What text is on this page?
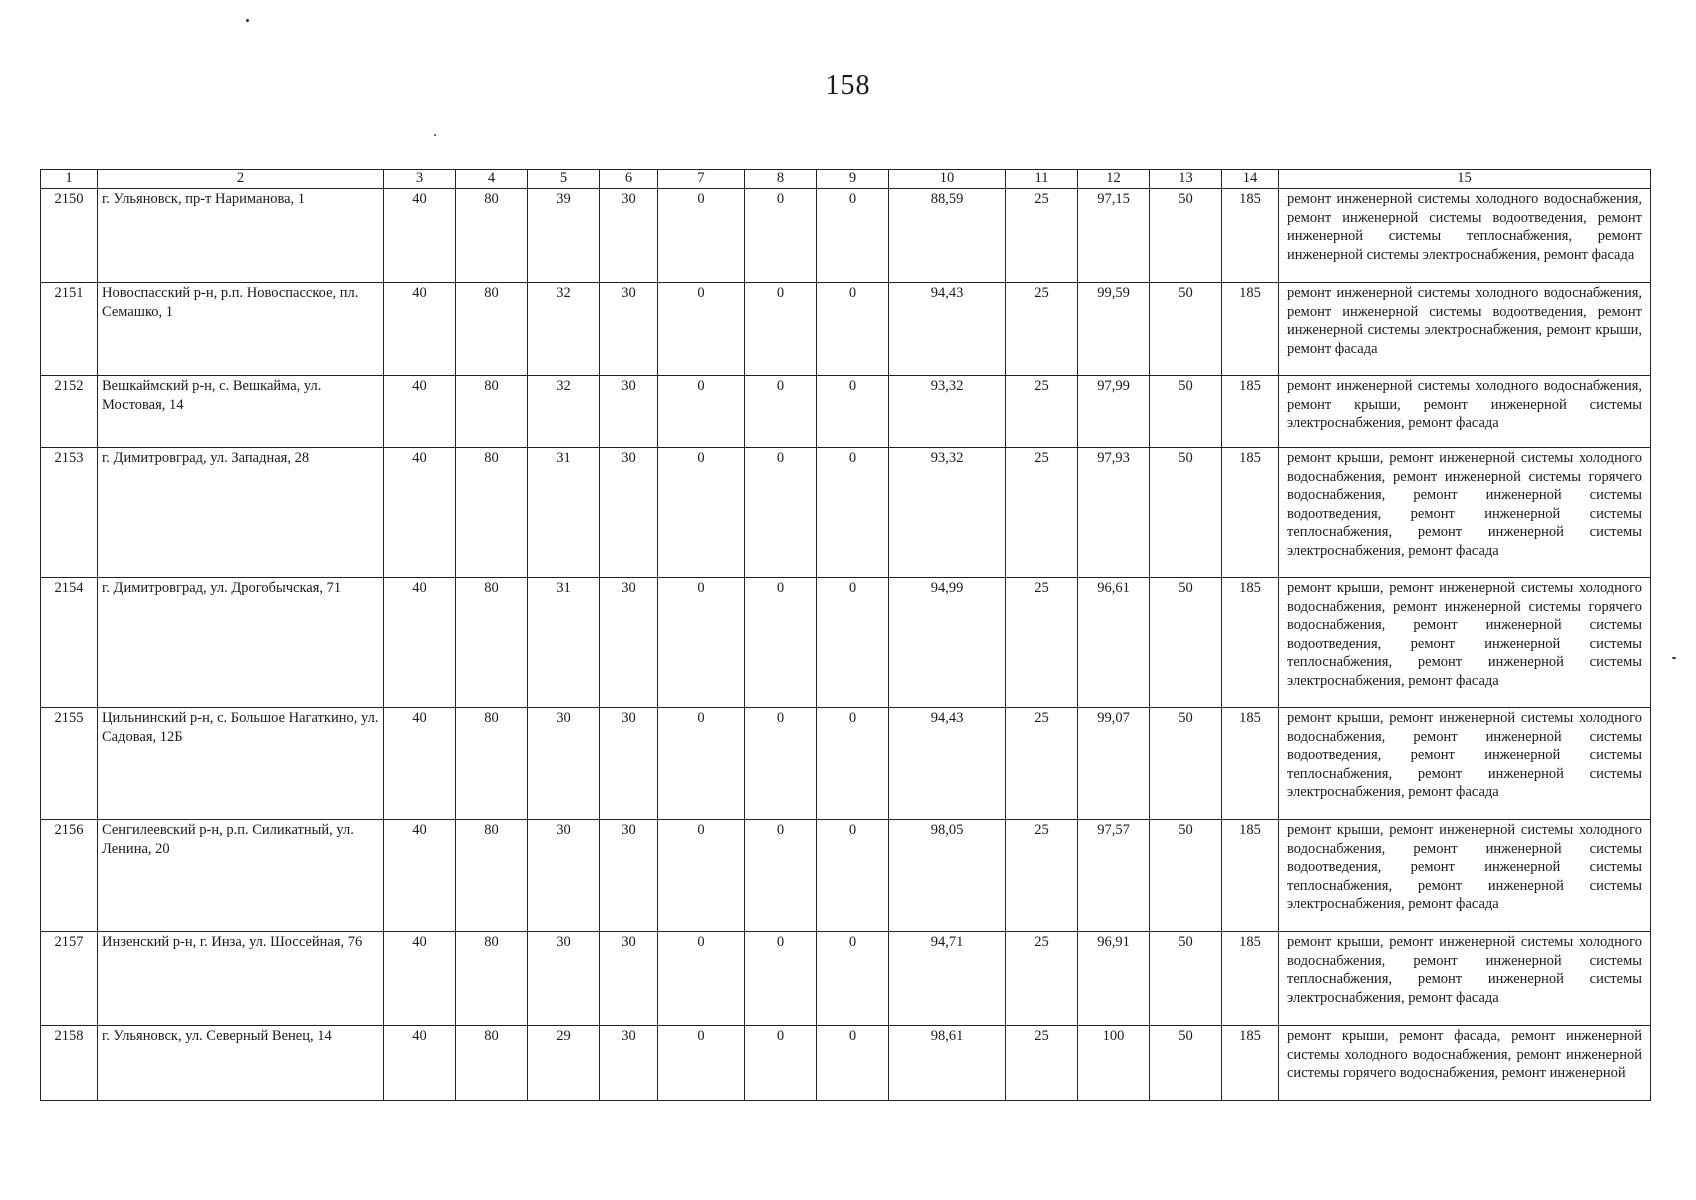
158
1	2	3	4	5	6	7	8	9	10	11	12	13	14	15
2150	г. Ульяновск, пр-т Нариманова, 1	40	80	39	30	0	0	0	88,59	25	97,15	50	185	ремонт инженерной системы холодного водоснабжения, ремонт инженерной системы водоотведения, ремонт инженерной системы теплоснабжения, ремонт инженерной системы электроснабжения, ремонт фасада
2151	Новоспасский р-н, р.п. Новоспасское, пл. Семашко, 1	40	80	32	30	0	0	0	94,43	25	99,59	50	185	ремонт инженерной системы холодного водоснабжения, ремонт инженерной системы водоотведения, ремонт инженерной системы электроснабжения, ремонт крыши, ремонт фасада
2152	Вешкаймский р-н, с. Вешкайма, ул. Мостовая, 14	40	80	32	30	0	0	0	93,32	25	97,99	50	185	ремонт инженерной системы холодного водоснабжения, ремонт крыши, ремонт инженерной системы электроснабжения, ремонт фасада
2153	г. Димитровград, ул. Западная, 28	40	80	31	30	0	0	0	93,32	25	97,93	50	185	ремонт крыши, ремонт инженерной системы холодного водоснабжения, ремонт инженерной системы горячего водоснабжения, ремонт инженерной системы водоотведения, ремонт инженерной системы теплоснабжения, ремонт инженерной системы электроснабжения, ремонт фасада
2154	г. Димитровград, ул. Дрогобычская, 71	40	80	31	30	0	0	0	94,99	25	96,61	50	185	ремонт крыши, ремонт инженерной системы холодного водоснабжения, ремонт инженерной системы горячего водоснабжения, ремонт инженерной системы водоотведения, ремонт инженерной системы теплоснабжения, ремонт инженерной системы электроснабжения, ремонт фасада
2155	Цильнинский р-н, с. Большое Нагаткино, ул. Садовая, 12Б	40	80	30	30	0	0	0	94,43	25	99,07	50	185	ремонт крыши, ремонт инженерной системы холодного водоснабжения, ремонт инженерной системы водоотведения, ремонт инженерной системы теплоснабжения, ремонт инженерной системы электроснабжения, ремонт фасада
2156	Сенгилеевский р-н, р.п. Силикатный, ул. Ленина, 20	40	80	30	30	0	0	0	98,05	25	97,57	50	185	ремонт крыши, ремонт инженерной системы холодного водоснабжения, ремонт инженерной системы водоотведения, ремонт инженерной системы теплоснабжения, ремонт инженерной системы электроснабжения, ремонт фасада
2157	Инзенский р-н, г. Инза, ул. Шоссейная, 76	40	80	30	30	0	0	0	94,71	25	96,91	50	185	ремонт крыши, ремонт инженерной системы холодного водоснабжения, ремонт инженерной системы теплоснабжения, ремонт инженерной системы электроснабжения, ремонт фасада
2158	г. Ульяновск, ул. Северный Венец, 14	40	80	29	30	0	0	0	98,61	25	100	50	185	ремонт крыши, ремонт фасада, ремонт инженерной системы холодного водоснабжения, ремонт инженерной системы горячего водоснабжения, ремонт инженерной
